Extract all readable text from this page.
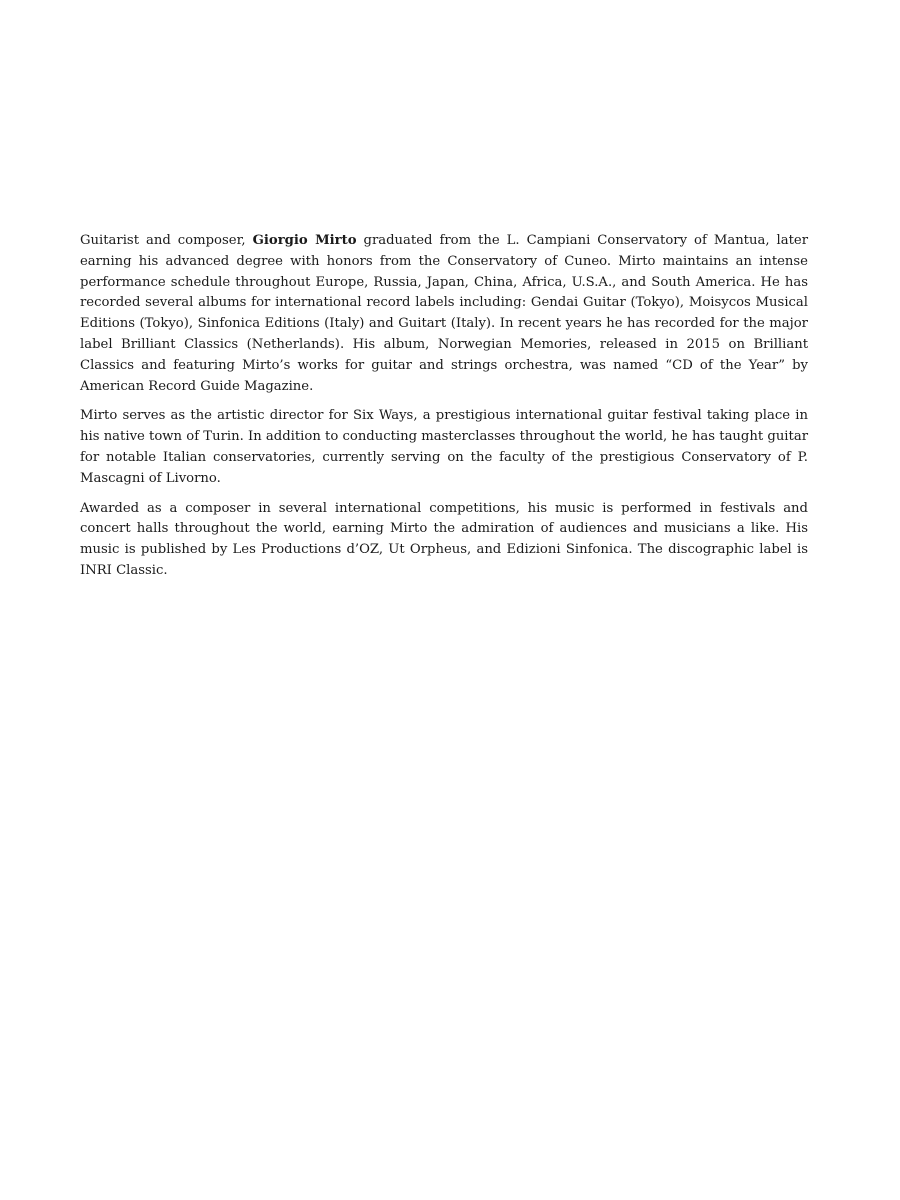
Guitarist and composer, Giorgio Mirto graduated from the L. Campiani Conservatory of Mantua, later earning his advanced degree with honors from the Conservatory of Cuneo. Mirto maintains an intense performance schedule throughout Europe, Russia, Japan, China, Africa, U.S.A., and South America. He has recorded several albums for international record labels including: Gendai Guitar (Tokyo), Moisycos Musical Editions (Tokyo), Sinfonica Editions (Italy) and Guitart (Italy). In recent years he has recorded for the major label Brilliant Classics (Netherlands). His album, Norwegian Memories, released in 2015 on Brilliant Classics and featuring Mirto’s works for guitar and strings orchestra, was named “CD of the Year” by American Record Guide Magazine.

Mirto serves as the artistic director for Six Ways, a prestigious international guitar festival taking place in his native town of Turin. In addition to conducting masterclasses throughout the world, he has taught guitar for notable Italian conservatories, currently serving on the faculty of the prestigious Conservatory of P. Mascagni of Livorno.

Awarded as a composer in several international competitions, his music is performed in festivals and concert halls throughout the world, earning Mirto the admiration of audiences and musicians a like. His music is published by Les Productions d’OZ, Ut Orpheus, and Edizioni Sinfonica. The discographic label is INRI Classic.
